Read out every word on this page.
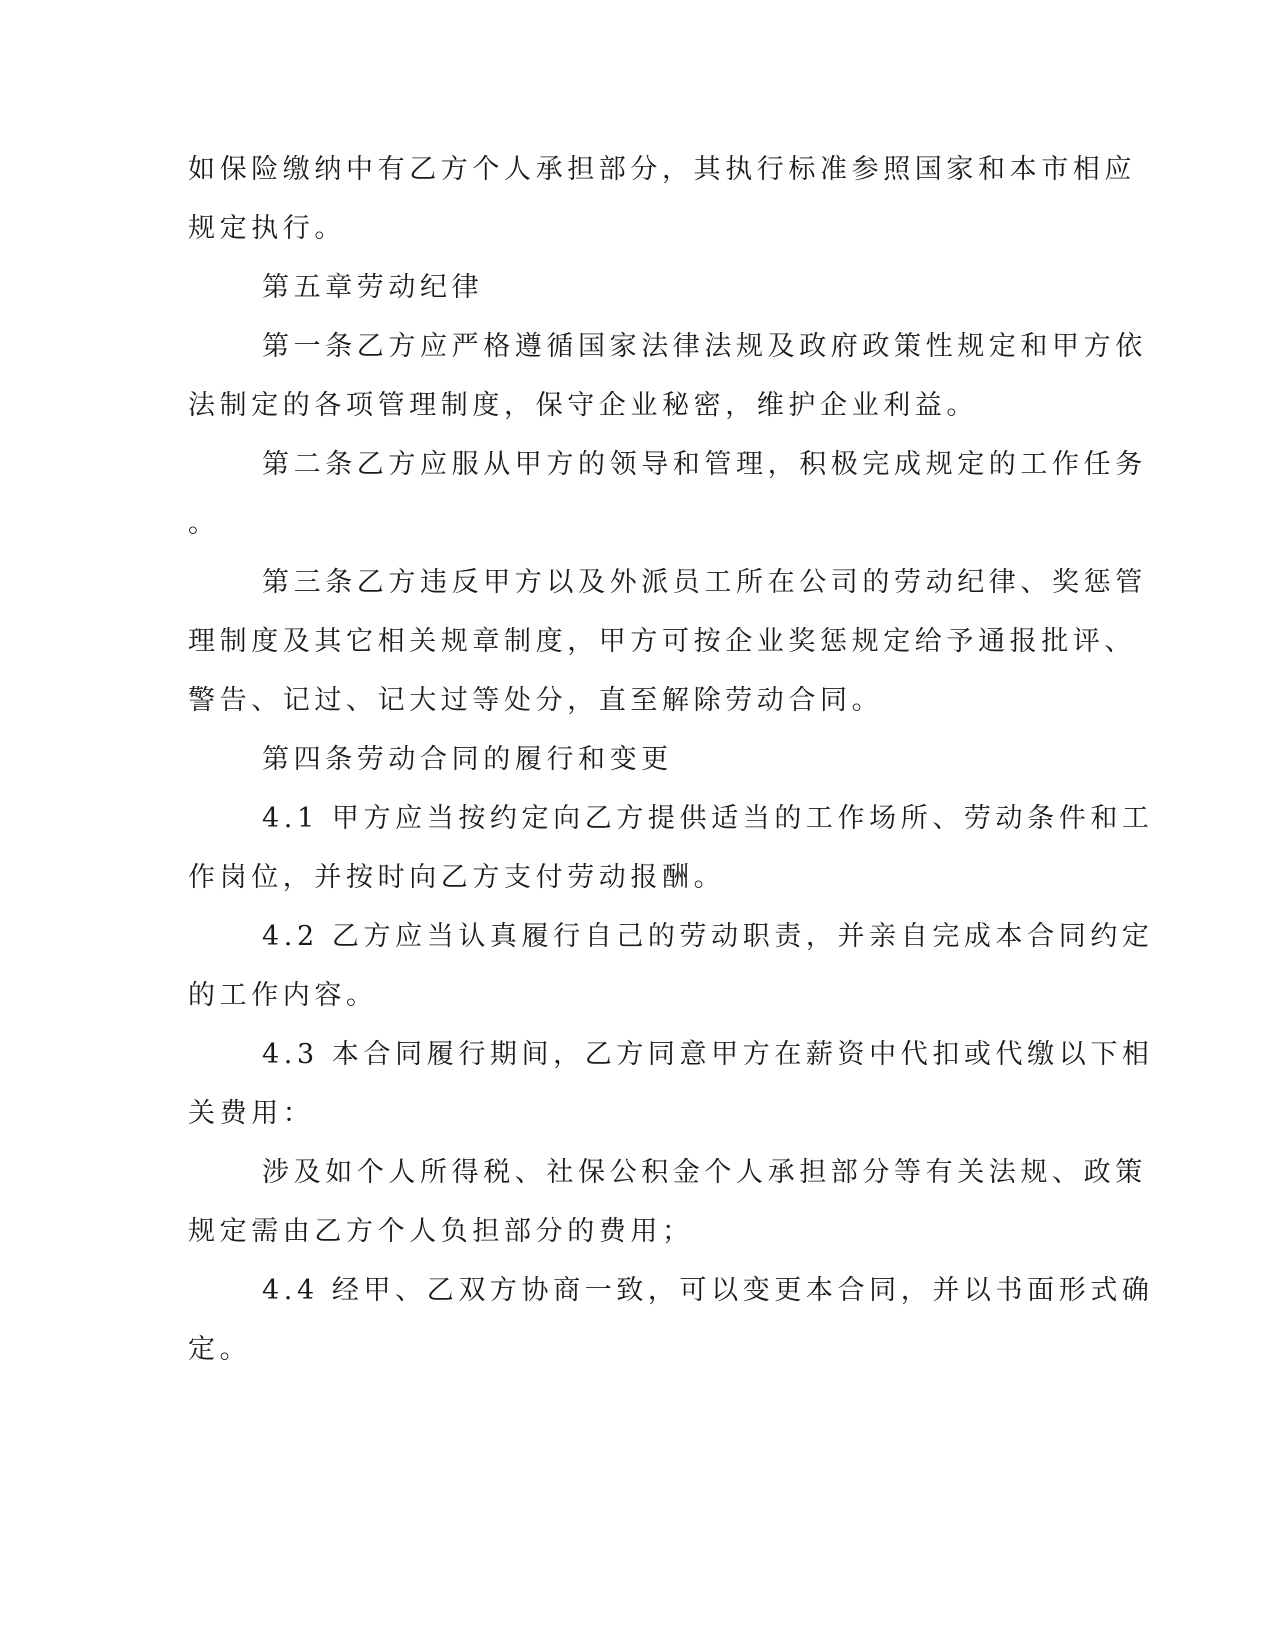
如保险缴纳中有乙方个人承担部分，其执行标准参照国家和本市相应
规定执行。
第五章劳动纪律
第一条乙方应严格遵循国家法律法规及政府政策性规定和甲方依
法制定的各项管理制度，保守企业秘密，维护企业利益。
第二条乙方应服从甲方的领导和管理，积极完成规定的工作任务
。
第三条乙方违反甲方以及外派员工所在公司的劳动纪律、奖惩管
理制度及其它相关规章制度，甲方可按企业奖惩规定给予通报批评、
警告、记过、记大过等处分，直至解除劳动合同。
第四条劳动合同的履行和变更
4.1 甲方应当按约定向乙方提供适当的工作场所、劳动条件和工
作岗位，并按时向乙方支付劳动报酬。
4.2 乙方应当认真履行自己的劳动职责，并亲自完成本合同约定
的工作内容。
4.3 本合同履行期间，乙方同意甲方在薪资中代扣或代缴以下相
关费用：
涉及如个人所得税、社保公积金个人承担部分等有关法规、政策
规定需由乙方个人负担部分的费用；
4.4 经甲、乙双方协商一致，可以变更本合同，并以书面形式确
定。
